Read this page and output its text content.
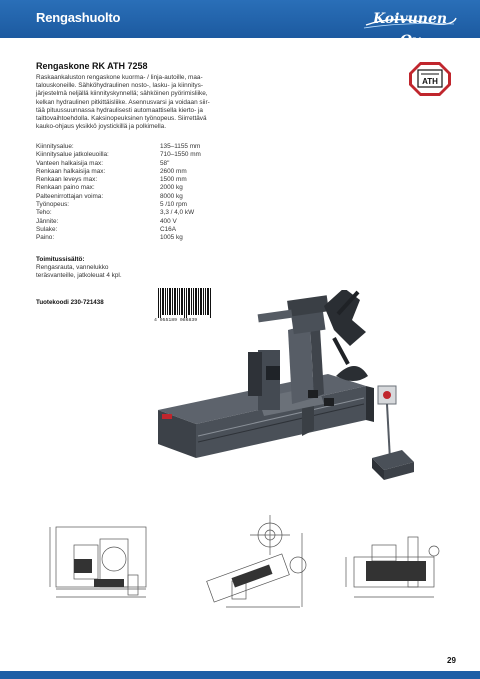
Rengashuolto	Koivunen Oy
Rengaskone RK ATH 7258
Raskaankaluston rengaskone kuorma- / linja-autoille, maa-
talouskoneille. Sähköhydraulinen nosto-, lasku- ja kiinnitys-
järjestelmä neljällä kiinnityskynnellä; sähköinen pyörimisliike,
kelkan hydraulinen pitkittäisliike. Asennusvarsi ja voidaan siir-
tää pituussuunnassa hydraulisesti automaattisella kierto- ja
taittovaihtoehdolla. Kaksinopeuksinen työnopeus. Siirrettävä
kauko-ohjaus yksikkö joystickillä ja polkimella.
Kiinnitysalue:	135–1155 mm
Kiinnitysalue jatkoleuoilla:	710–1550 mm
Vanteen halkaisija max:	58"
Renkaan halkaisija max:	2600 mm
Renkaan leveys max:	1500 mm
Renkaan paino max:	2000 kg
Palteenirrottajan voima:	8000 kg
Työnopeus:	5 /10 rpm
Teho:	3,3 / 4,0 kW
Jännite:	400 V
Sulake:	C16A
Paino:	1005 kg
Toimitussisältö:
Rengasrauta, vannelukko
teräsvanteille, jatkoleuat 4 kpl.
Tuotekoodi 230-721438
4 055189 086839
ATH
ATH-Heinl
29
